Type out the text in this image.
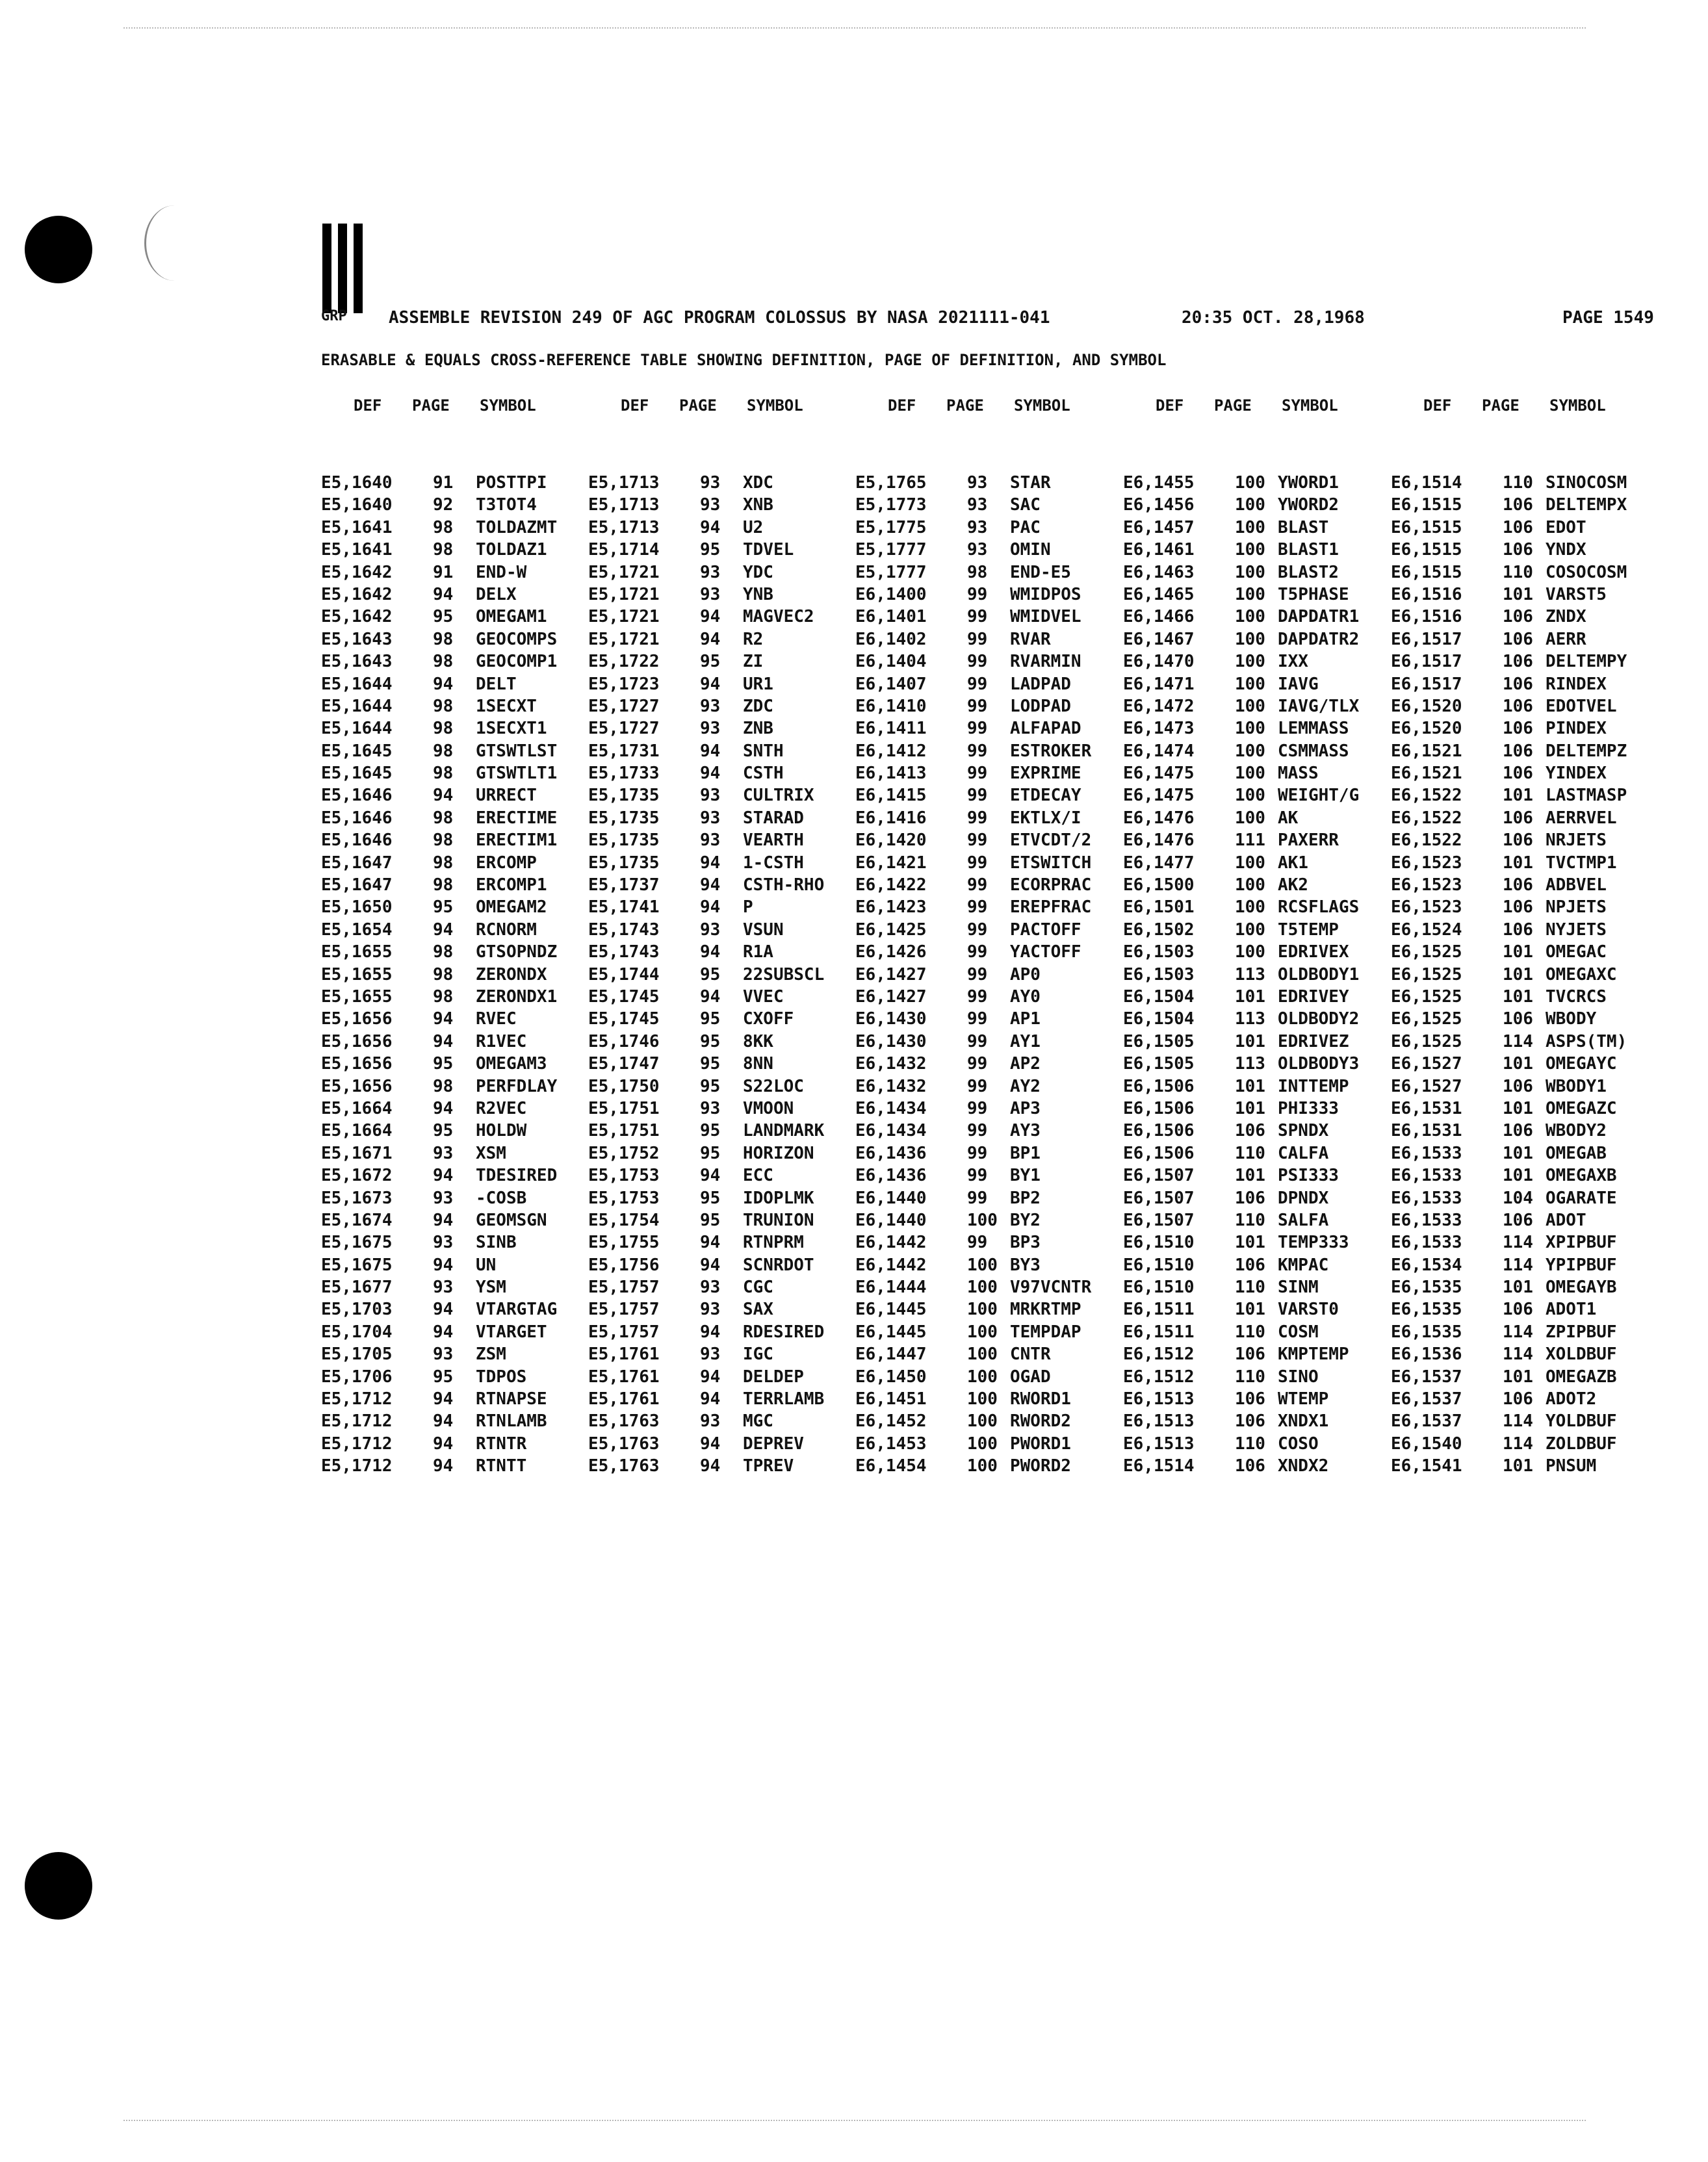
GRP ASSEMBLE REVISION 249 OF AGC PROGRAM COLOSSUS BY NASA 2021111-041	20:35 OCT. 28,1968	PAGE 1549
ERASABLE & EQUALS CROSS-REFERENCE TABLE SHOWING DEFINITION, PAGE OF DEFINITION, AND SYMBOL
DEF PAGE SYMBOL
E5,1640 91 POSTTPI
E5,1640 92 T3TOT4
E5,1641 98 TOLDAZMT
E5,1641 98 TOLDAZ1
E5,1642 91 END-W
E5,1642 94 DELX
E5,1642 95 OMEGAM1
E5,1643 98 GEOCOMPS
E5,1643 98 GEOCOMP1
E5,1644 94 DELT
E5,1644 98 1SECXT
E5,1644 98 1SECXT1
E5,1645 98 GTSWTLST
E5,1645 98 GTSWTLT1
E5,1646 94 URRECT
E5,1646 98 ERECTIME
E5,1646 98 ERECTIM1
E5,1647 98 ERCOMP
E5,1647 98 ERCOMP1
E5,1650 95 OMEGAM2
E5,1654 94 RCNORM
E5,1655 98 GTSOPNDZ
E5,1655 98 ZERONDX
E5,1655 98 ZERONDX1
E5,1656 94 RVEC
E5,1656 94 R1VEC
E5,1656 95 OMEGAM3
E5,1656 98 PERFDLAY
E5,1664 94 R2VEC
E5,1664 95 HOLDW
E5,1671 93 XSM
E5,1672 94 TDESIRED
E5,1673 93 -COSB
E5,1674 94 GEOMSGN
E5,1675 93 SINB
E5,1675 94 UN
E5,1677 93 YSM
E5,1703 94 VTARGTAG
E5,1704 94 VTARGET
E5,1705 93 ZSM
E5,1706 95 TDPOS
E5,1712 94 RTNAPSE
E5,1712 94 RTNLAMB
E5,1712 94 RTNTR
E5,1712 94 RTNTT
DEF PAGE SYMBOL
E5,1713 93 XDC
E5,1713 93 XNB
E5,1713 94 U2
E5,1714 95 TDVEL
E5,1721 93 YDC
E5,1721 93 YNB
E5,1721 94 MAGVEC2
E5,1721 94 R2
E5,1722 95 ZI
E5,1723 94 UR1
E5,1727 93 ZDC
E5,1727 93 ZNB
E5,1731 94 SNTH
E5,1733 94 CSTH
E5,1735 93 CULTRIX
E5,1735 93 STARAD
E5,1735 93 VEARTH
E5,1735 94 1-CSTH
E5,1737 94 CSTH-RHO
E5,1741 94 P
E5,1743 93 VSUN
E5,1743 94 R1A
E5,1744 95 22SUBSCL
E5,1745 94 VVEC
E5,1745 95 CXOFF
E5,1746 95 8KK
E5,1747 95 8NN
E5,1750 95 S22LOC
E5,1751 93 VMOON
E5,1751 95 LANDMARK
E5,1752 95 HORIZON
E5,1753 94 ECC
E5,1753 95 IDOPLMK
E5,1754 95 TRUNION
E5,1755 94 RTNPRM
E5,1756 94 SCNRDOT
E5,1757 93 CGC
E5,1757 93 SAX
E5,1757 94 RDESIRED
E5,1761 93 IGC
E5,1761 94 DELDEP
E5,1761 94 TERRLAMB
E5,1763 93 MGC
E5,1763 94 DEPREV
E5,1763 94 TPREV
DEF PAGE SYMBOL
E5,1765 93 STAR
E5,1773 93 SAC
E5,1775 93 PAC
E5,1777 93 OMIN
E5,1777 98 END-E5
E6,1400 99 WMIDPOS
E6,1401 99 WMIDVEL
E6,1402 99 RVAR
E6,1404 99 RVARMIN
E6,1407 99 LADPAD
E6,1410 99 LODPAD
E6,1411 99 ALFAPAD
E6,1412 99 ESTROKER
E6,1413 99 EXPRIME
E6,1415 99 ETDECAY
E6,1416 99 EKTLX/I
E6,1420 99 ETVCDT/2
E6,1421 99 ETSWITCH
E6,1422 99 ECORPRAC
E6,1423 99 EREPFRAC
E6,1425 99 PACTOFF
E6,1426 99 YACTOFF
E6,1427 99 AP0
E6,1427 99 AY0
E6,1430 99 AP1
E6,1430 99 AY1
E6,1432 99 AP2
E6,1432 99 AY2
E6,1434 99 AP3
E6,1434 99 AY3
E6,1436 99 BP1
E6,1436 99 BY1
E6,1440 99 BP2
E6,1440 100 BY2
E6,1442 99 BP3
E6,1442 100 BY3
E6,1444 100 V97VCNTR
E6,1445 100 MRKRTMP
E6,1445 100 TEMPDAP
E6,1447 100 CNTR
E6,1450 100 OGAD
E6,1451 100 RWORD1
E6,1452 100 RWORD2
E6,1453 100 PWORD1
E6,1454 100 PWORD2
DEF PAGE SYMBOL
E6,1455 100 YWORD1
E6,1456 100 YWORD2
E6,1457 100 BLAST
E6,1461 100 BLAST1
E6,1463 100 BLAST2
E6,1465 100 T5PHASE
E6,1466 100 DAPDATR1
E6,1467 100 DAPDATR2
E6,1470 100 IXX
E6,1471 100 IAVG
E6,1472 100 IAVG/TLX
E6,1473 100 LEMMASS
E6,1474 100 CSMMASS
E6,1475 100 MASS
E6,1475 100 WEIGHT/G
E6,1476 100 AK
E6,1476 111 PAXERR
E6,1477 100 AK1
E6,1500 100 AK2
E6,1501 100 RCSFLAGS
E6,1502 100 T5TEMP
E6,1503 100 EDRIVEX
E6,1503 113 OLDBODY1
E6,1504 101 EDRIVEY
E6,1504 113 OLDBODY2
E6,1505 101 EDRIVEZ
E6,1505 113 OLDBODY3
E6,1506 101 INTTEMP
E6,1506 101 PHI333
E6,1506 106 SPNDX
E6,1506 110 CALFA
E6,1507 101 PSI333
E6,1507 106 DPNDX
E6,1507 110 SALFA
E6,1510 101 TEMP333
E6,1510 106 KMPAC
E6,1510 110 SINM
E6,1511 101 VARST0
E6,1511 110 COSM
E6,1512 106 KMPTEMP
E6,1512 110 SINO
E6,1513 106 WTEMP
E6,1513 106 XNDX1
E6,1513 110 COSO
E6,1514 106 XNDX2
DEF PAGE SYMBOL
E6,1514 110 SINOCOSM
E6,1515 106 DELTEMPX
E6,1515 106 EDOT
E6,1515 106 YNDX
E6,1515 110 COSOCOSM
E6,1516 101 VARST5
E6,1516 106 ZNDX
E6,1517 106 AERR
E6,1517 106 DELTEMPY
E6,1517 106 RINDEX
E6,1520 106 EDOTVEL
E6,1520 106 PINDEX
E6,1521 106 DELTEMPZ
E6,1521 106 YINDEX
E6,1522 101 LASTMASP
E6,1522 106 AERRVEL
E6,1522 106 NRJETS
E6,1523 101 TVCTMP1
E6,1523 106 ADBVEL
E6,1523 106 NPJETS
E6,1524 106 NYJETS
E6,1525 101 OMEGAC
E6,1525 101 OMEGAXC
E6,1525 101 TVCRCS
E6,1525 106 WBODY
E6,1525 114 ASPS(TM)
E6,1527 101 OMEGAYC
E6,1527 106 WBODY1
E6,1531 101 OMEGAZC
E6,1531 106 WBODY2
E6,1533 101 OMEGAB
E6,1533 101 OMEGAXB
E6,1533 104 OGARATE
E6,1533 106 ADOT
E6,1533 114 XPIPBUF
E6,1534 114 YPIPBUF
E6,1535 101 OMEGAYB
E6,1535 106 ADOT1
E6,1535 114 ZPIPBUF
E6,1536 114 XOLDBUF
E6,1537 101 OMEGAZB
E6,1537 106 ADOT2
E6,1537 114 YOLDBUF
E6,1540 114 ZOLDBUF
E6,1541 101 PNSUM
